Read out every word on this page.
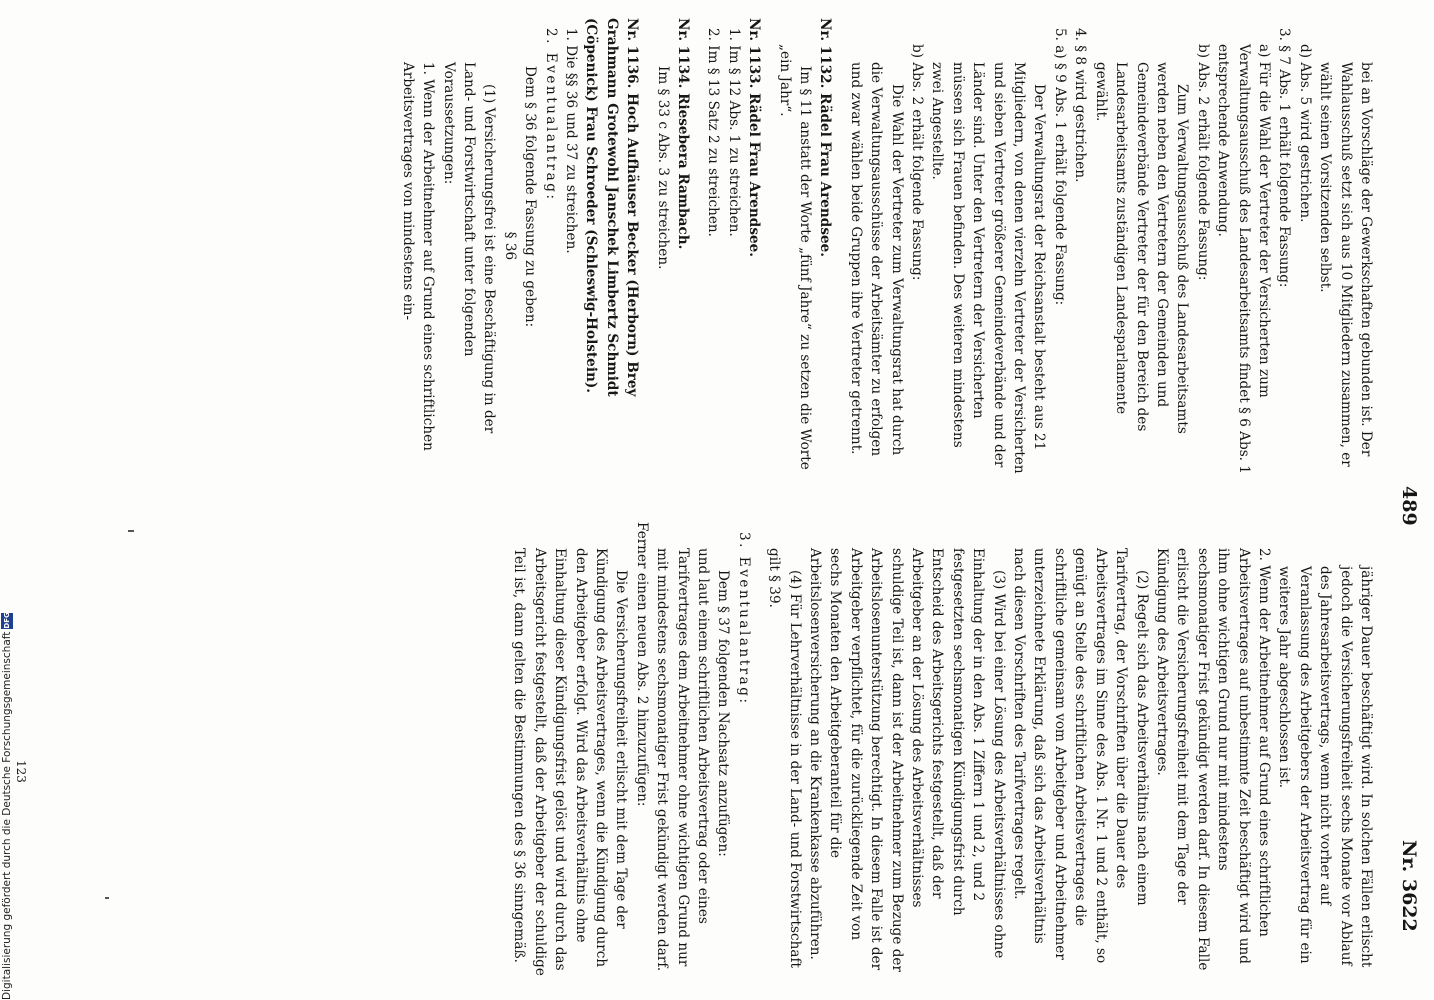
489
Nr. 3622

bei an Vorschläge der Gewerkschaften gebunden ist. Der Wahlausschuß setzt sich aus 10 Mitgliedern zusammen, er wählt seinen Vorsitzenden selbst.

d) Abs. 5 wird gestrichen.

3. § 7 Abs. 1 erhält folgende Fassung:

a) Für die Wahl der Vertreter der Versicherten zum Verwaltungsausschuß des Landesarbeitsamts findet § 6 Abs. 1 entsprechende Anwendung.

b) Abs. 2 erhält folgende Fassung:

Zum Verwaltungsausschuß des Landesarbeitsamts werden neben den Vertretern der Gemeinden und Gemeindeverbände Vertreter der für den Bereich des Landesarbeitsamts zuständigen Landesparlamente gewählt.

4. § 8 wird gestrichen.

5. a) § 9 Abs. 1 erhält folgende Fassung:

Der Verwaltungsrat der Reichsanstalt besteht aus 21 Mitgliedern, von denen vierzehn Vertreter der Versicherten und sieben Vertreter größerer Gemeindeverbände und der Länder sind. Unter den Vertretern der Versicherten müssen sich Frauen befinden. Des weiteren mindestens zwei Angestellte.

b) Abs. 2 erhält folgende Fassung:

Die Wahl der Vertreter zum Verwaltungsrat hat durch die Verwaltungsausschüsse der Arbeitsämter zu erfolgen und zwar wählen beide Gruppen ihre Vertreter getrennt.

Nr. 1132. Rädel Frau Arendsee.

Im § 11 anstatt der Worte „fünf Jahre“ zu setzen die Worte „ein Jahr“.

Nr. 1133. Rädel Frau Arendsee.

1. Im § 12 Abs. 1 zu streichen.

2. Im § 13 Satz 2 zu streichen.

Nr. 1134. Riesebera Rambach.

Im § 33 c Abs. 3 zu streichen.

Nr. 1136. Hoch Aufhäuser Becker (Herborn) Brey Grahmann Grotewohl Janschek Limbertz Schmidt (Cöpenick) Frau Schroeder (Schleswig-Holstein).

1. Die §§ 36 und 37 zu streichen.

2. Eventualantrag:

Dem § 36 folgende Fassung zu geben:

§ 36

(1) Versicherungsfrei ist eine Beschäftigung in der Land- und Forstwirtschaft unter folgenden Voraussetzungen:

1. Wenn der Arbeitnehmer auf Grund eines schriftlichen Arbeitsvertrages von mindestens ein-

jähriger Dauer beschäftigt wird. In solchen Fällen erlischt jedoch die Versicherungsfreiheit sechs Monate vor Ablauf des Jahresarbeitsvertrags, wenn nicht vorher auf Veranlassung des Arbeitgebers der Arbeitsvertrag für ein weiteres Jahr abgeschlossen ist.

2. Wenn der Arbeitnehmer auf Grund eines schriftlichen Arbeitsvertrages auf unbestimmte Zeit beschäftigt wird und ihm ohne wichtigen Grund nur mit mindestens sechsmonatiger Frist gekündigt werden darf. In diesem Falle erlischt die Versicherungsfreiheit mit dem Tage der Kündigung des Arbeitsvertrages.

(2) Regelt sich das Arbeitsverhältnis nach einem Tarifvertrag, der Vorschriften über die Dauer des Arbeitsvertrages im Sinne des Abs. 1 Nr. 1 und 2 enthält, so genügt an Stelle des schriftlichen Arbeitsvertrages die schriftliche gemeinsam vom Arbeitgeber und Arbeitnehmer unterzeichnete Erklärung, daß sich das Arbeitsverhältnis nach diesen Vorschriften des Tarifvertrages regelt.

(3) Wird bei einer Lösung des Arbeitsverhältnisses ohne Einhaltung der in den Abs. 1 Ziffern 1 und 2, und 2 festgesetzten sechsmonatigen Kündigungsfrist durch Entscheid des Arbeitsgerichts festgestellt, daß der Arbeitgeber an der Lösung des Arbeitsverhältnisses schuldige Teil ist, dann ist der Arbeitnehmer zum Bezuge der Arbeitslosenunterstützung berechtigt. In diesem Falle ist der Arbeitgeber verpflichtet, für die zurückliegende Zeit von sechs Monaten den Arbeitgeberanteil für die Arbeitslosenversicherung an die Krankenkasse abzuführen.

(4) Für Lehrverhältnisse in der Land- und Forstwirtschaft gilt § 39.

3. Eventualantrag:

Dem § 37 folgenden Nachsatz anzufügen:

und laut einem schriftlichen Arbeitsvertrag oder eines Tarifvertrages dem Arbeitnehmer ohne wichtigen Grund nur mit mindestens sechsmonatiger Frist gekündigt werden darf.

Ferner einen neuen Abs. 2 hinzuzufügen:

Die Versicherungsfreiheit erlischt mit dem Tage der Kündigung des Arbeitsvertrages, wenn die Kündigung durch den Arbeitgeber erfolgt. Wird das Arbeitsverhältnis ohne Einhaltung dieser Kündigungsfrist gelöst und wird durch das Arbeitsgericht festgestellt, daß der Arbeitgeber der schuldige Teil ist, dann gelten die Bestimmungen des § 36 sinngemäß.

123
Digitalisierung gefördert durch die Deutsche Forschungsgemeinschaft
DFG
